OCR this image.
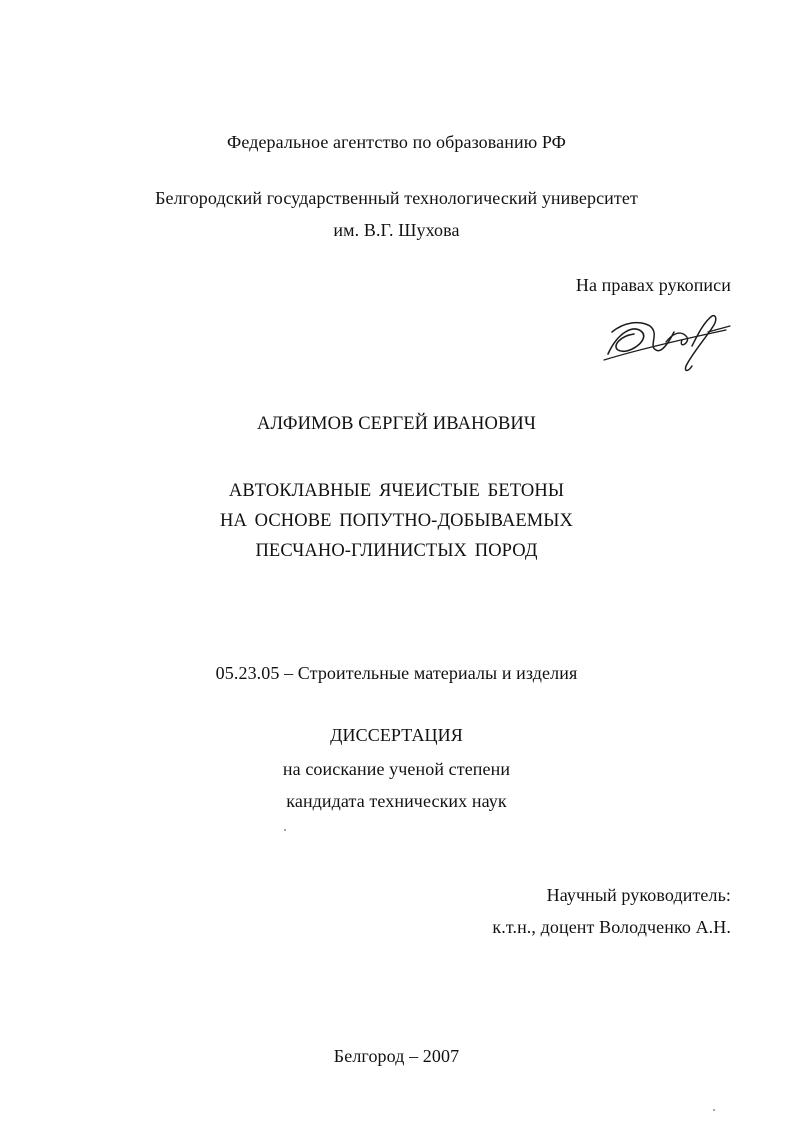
Федеральное агентство по образованию РФ
Белгородский государственный технологический университет
им. В.Г. Шухова
На правах рукописи
АЛФИМОВ СЕРГЕЙ ИВАНОВИЧ
АВТОКЛАВНЫЕ ЯЧЕИСТЫЕ БЕТОНЫ
НА ОСНОВЕ ПОПУТНО-ДОБЫВАЕМЫХ
ПЕСЧАНО-ГЛИНИСТЫХ ПОРОД
05.23.05 – Строительные материалы и изделия
ДИССЕРТАЦИЯ
на соискание ученой степени
кандидата технических наук
Научный руководитель:
к.т.н., доцент Володченко А.Н.
Белгород – 2007
